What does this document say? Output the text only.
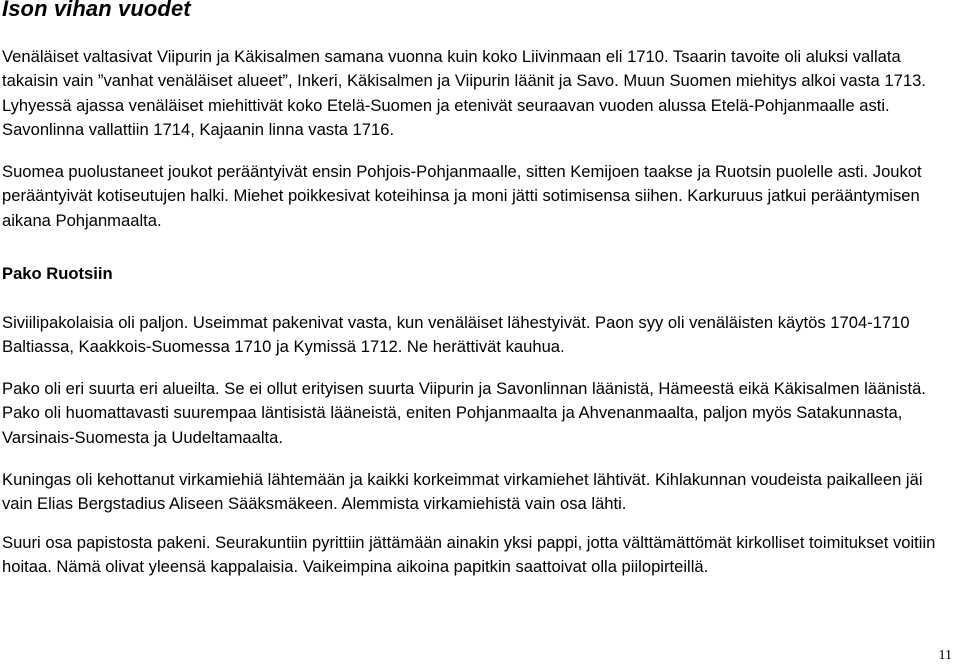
Ison vihan vuodet

Venäläiset valtasivat Viipurin ja Käkisalmen samana vuonna kuin koko Liivinmaan eli 1710. Tsaarin tavoite oli aluksi vallata takaisin vain ”vanhat venäläiset alueet”, Inkeri, Käkisalmen ja Viipurin läänit ja Savo. Muun Suomen miehitys alkoi vasta 1713. Lyhyessä ajassa venäläiset miehittivät koko Etelä-Suomen ja etenivät seuraavan vuoden alussa Etelä-Pohjanmaalle asti. Savonlinna vallattiin 1714, Kajaanin linna vasta 1716.

Suomea puolustaneet joukot perääntyivät ensin Pohjois-Pohjanmaalle, sitten Kemijoen taakse ja Ruotsin puolelle asti. Joukot perääntyivät kotiseutujen halki. Miehet poikkesivat koteihinsa ja moni jätti sotimisensa siihen. Karkuruus jatkui perääntymisen aikana Pohjanmaalta.

Pako Ruotsiin

Siviilipakolaisia oli paljon. Useimmat pakenivat vasta, kun venäläiset lähestyivät. Paon syy oli venäläisten käytös 1704-1710 Baltiassa, Kaakkois-Suomessa 1710 ja Kymissä 1712. Ne herättivät kauhua.

Pako oli eri suurta eri alueilta. Se ei ollut erityisen suurta Viipurin ja Savonlinnan läänistä, Hämeestä eikä Käkisalmen läänistä. Pako oli huomattavasti suurempaa läntisistä lääneistä, eniten Pohjanmaalta ja Ahvenanmaalta, paljon myös Satakunnasta, Varsinais-Suomesta ja Uudeltamaalta.

Kuningas oli kehottanut virkamiehiä lähtemään ja kaikki korkeimmat virkamiehet lähtivät. Kihlakunnan voudeista paikalleen jäi vain Elias Bergstadius Aliseen Sääksmäkeen. Alemmista virkamiehistä vain osa lähti.

Suuri osa papistosta pakeni. Seurakuntiin pyrittiin jättämään ainakin yksi pappi, jotta välttämättömät kirkolliset toimitukset voitiin hoitaa. Nämä olivat yleensä kappalaisia. Vaikeimpina aikoina papitkin saattoivat olla piilopirteillä.

11
